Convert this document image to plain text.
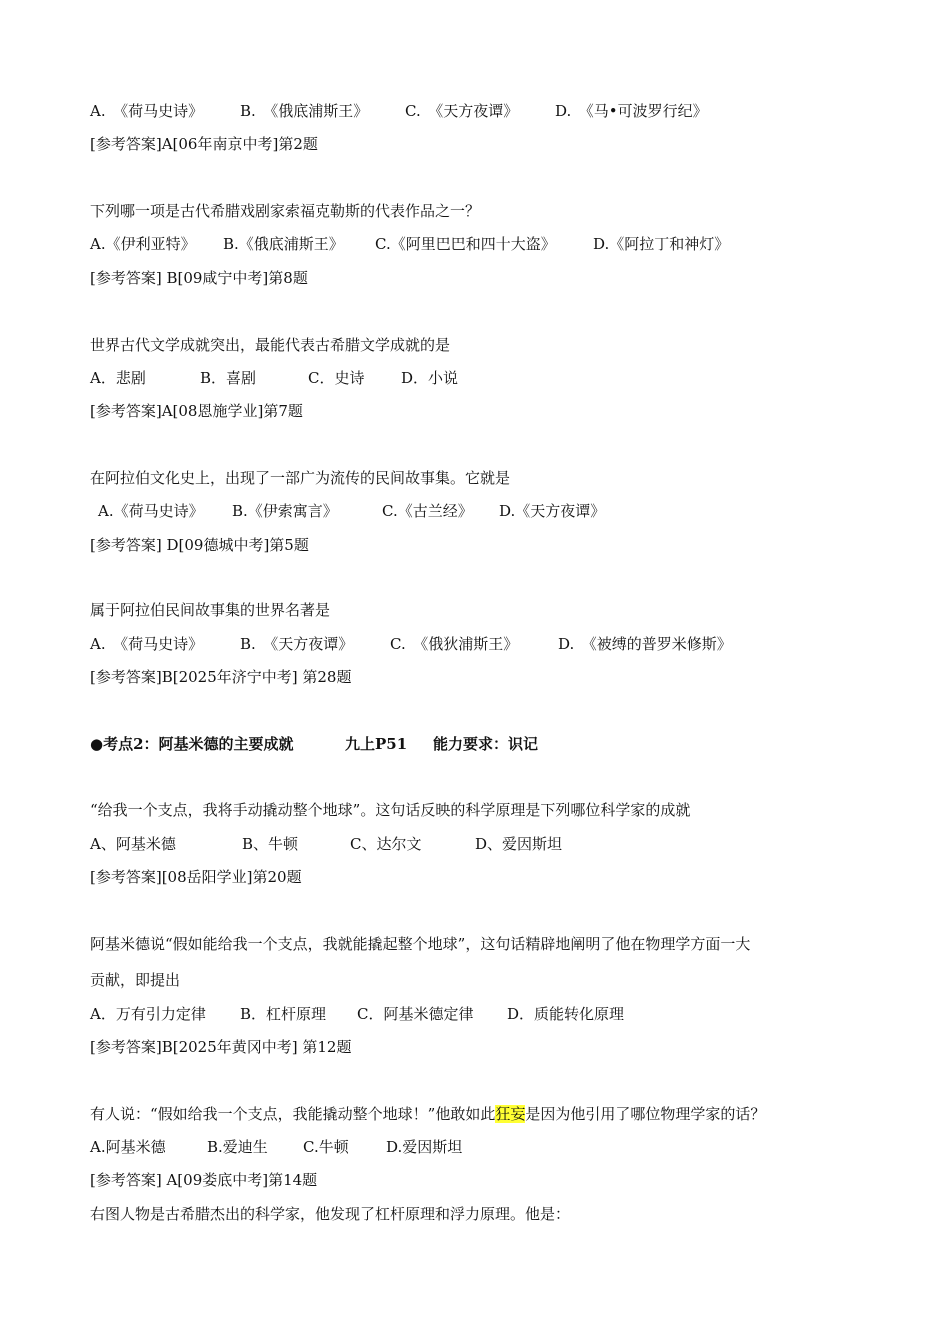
A.　《荷马史诗》 B.　《俄底浦斯王》 C.　《天方夜谭》 D.　《马•可波罗行纪》
[参考答案]A[06年南京中考]第2题
下列哪一项是古代希腊戏剧家索福克勒斯的代表作品之一？
A.《伊利亚特》 B.《俄底浦斯王》 C.《阿里巴巴和四十大盗》 D.《阿拉丁和神灯》
[参考答案] B[09咸宁中考]第8题
世界古代文学成就突出，最能代表古希腊文学成就的是
A．悲剧	B．喜剧	C．史诗 D．小说
[参考答案]A[08恩施学业]第7题
在阿拉伯文化史上，出现了一部广为流传的民间故事集。它就是
A.《荷马史诗》 B.《伊索寓言》	C.《古兰经》 D.《天方夜谭》
[参考答案] D[09德城中考]第5题
属于阿拉伯民间故事集的世界名著是
A.　《荷马史诗》 B.　《天方夜谭》 C.　《俄狄浦斯王》	D.　《被缚的普罗米修斯》
[参考答案]B[2025年济宁中考] 第28题
●考点2：阿基米德的主要成就	九上P51 能力要求：识记
“给我一个支点，我将手动撬动整个地球”。这句话反映的科学原理是下列哪位科学家的成就
A、阿基米德	B、牛顿	C、达尔文	D、爱因斯坦
[参考答案][08岳阳学业]第20题
阿基米德说“假如能给我一个支点，我就能撬起整个地球”，这句话精辟地阐明了他在物理学方面一大
贡献，即提出
A．万有引力定律 B．杠杆原理 C．阿基米德定律 D．质能转化原理
[参考答案]B[2025年黄冈中考] 第12题
有人说：“假如给我一个支点，我能撬动整个地球！”他敢如此狂妄是因为他引用了哪位物理学家的话？
A.阿基米德	B.爱迪生 C.牛顿 D.爱因斯坦
[参考答案] A[09娄底中考]第14题
右图人物是古希腊杰出的科学家，他发现了杠杆原理和浮力原理。他是：
